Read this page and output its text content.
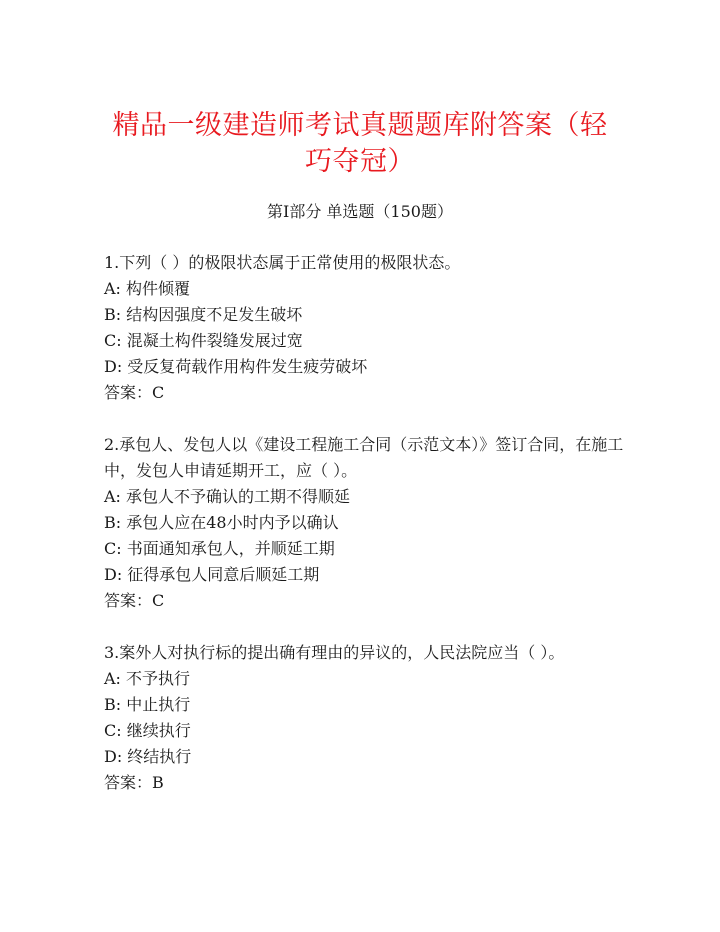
精品一级建造师考试真题题库附答案（轻巧夺冠）
第Ⅰ部分 单选题（150题）
1.下列（ ）的极限状态属于正常使用的极限状态。
A: 构件倾覆
B: 结构因强度不足发生破坏
C: 混凝土构件裂缝发展过宽
D: 受反复荷载作用构件发生疲劳破坏
答案：C
2.承包人、发包人以《建设工程施工合同（示范文本）》签订合同，在施工中，发包人申请延期开工，应（ ）。
A: 承包人不予确认的工期不得顺延
B: 承包人应在48小时内予以确认
C: 书面通知承包人，并顺延工期
D: 征得承包人同意后顺延工期
答案：C
3.案外人对执行标的提出确有理由的异议的，人民法院应当（ ）。
A: 不予执行
B: 中止执行
C: 继续执行
D: 终结执行
答案：B
